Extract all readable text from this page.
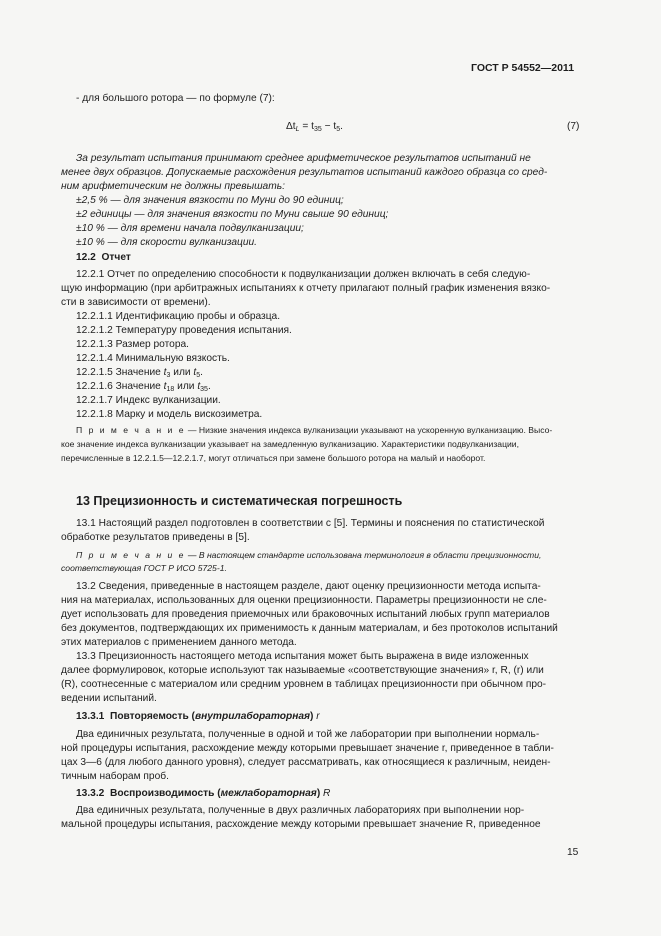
ГОСТ Р 54552—2011
- для большого ротора — по формуле (7):
$\Delta t_L = t_{35} - t_5$.	(7)
За результат испытания принимают среднее арифметическое результатов испытаний не
менее двух образцов. Допускаемые расхождения результатов испытаний каждого образца со сред-
ним арифметическим не должны превышать:
±2,5 % — для значения вязкости по Муни до 90 единиц;
±2 единицы — для значения вязкости по Муни свыше 90 единиц;
±10 % — для времени начала подвулканизации;
±10 % — для скорости вулканизации.
12.2 Отчет
12.2.1 Отчет по определению способности к подвулканизации должен включать в себя следую-
щую информацию (при арбитражных испытаниях к отчету прилагают полный график изменения вязко-
сти в зависимости от времени).
12.2.1.1 Идентификацию пробы и образца.
12.2.1.2 Температуру проведения испытания.
12.2.1.3 Размер ротора.
12.2.1.4 Минимальную вязкость.
12.2.1.5 Значение $t_3$ или $t_5$.
12.2.1.6 Значение $t_{18}$ или $t_{35}$.
12.2.1.7 Индекс вулканизации.
12.2.1.8 Марку и модель вискозиметра.
П р и м е ч а н и е — Низкие значения индекса вулканизации указывают на ускоренную вулканизацию. Высо-
кое значение индекса вулканизации указывает на замедленную вулканизацию. Характеристики подвулканизации,
перечисленные в 12.2.1.5—12.2.1.7, могут отличаться при замене большого ротора на малый и наоборот.
13 Прецизионность и систематическая погрешность
13.1 Настоящий раздел подготовлен в соответствии с [5]. Термины и пояснения по статистической
обработке результатов приведены в [5].
П р и м е ч а н и е — В настоящем стандарте использована терминология в области прецизионности,
соответствующая ГОСТ Р ИСО 5725-1.
13.2 Сведения, приведенные в настоящем разделе, дают оценку прецизионности метода испыта-
ния на материалах, использованных для оценки прецизионности. Параметры прецизионности не сле-
дует использовать для проведения приемочных или браковочных испытаний любых групп материалов
без документов, подтверждающих их применимость к данным материалам, и без протоколов испытаний
этих материалов с применением данного метода.
13.3 Прецизионность настоящего метода испытания может быть выражена в виде изложенных
далее формулировок, которые используют так называемые «соответствующие значения» r, R, (r) или
(R), соотнесенные с материалом или средним уровнем в таблицах прецизионности при обычном про-
ведении испытаний.
13.3.1 Повторяемость (внутрилабораторная) r
Два единичных результата, полученные в одной и той же лаборатории при выполнении нормаль-
ной процедуры испытания, расхождение между которыми превышает значение r, приведенное в табли-
цах 3—6 (для любого данного уровня), следует рассматривать, как относящиеся к различным, неиден-
тичным наборам проб.
13.3.2 Воспроизводимость (межлабораторная) R
Два единичных результата, полученные в двух различных лабораториях при выполнении нор-
мальной процедуры испытания, расхождение между которыми превышает значение R, приведенное
15
